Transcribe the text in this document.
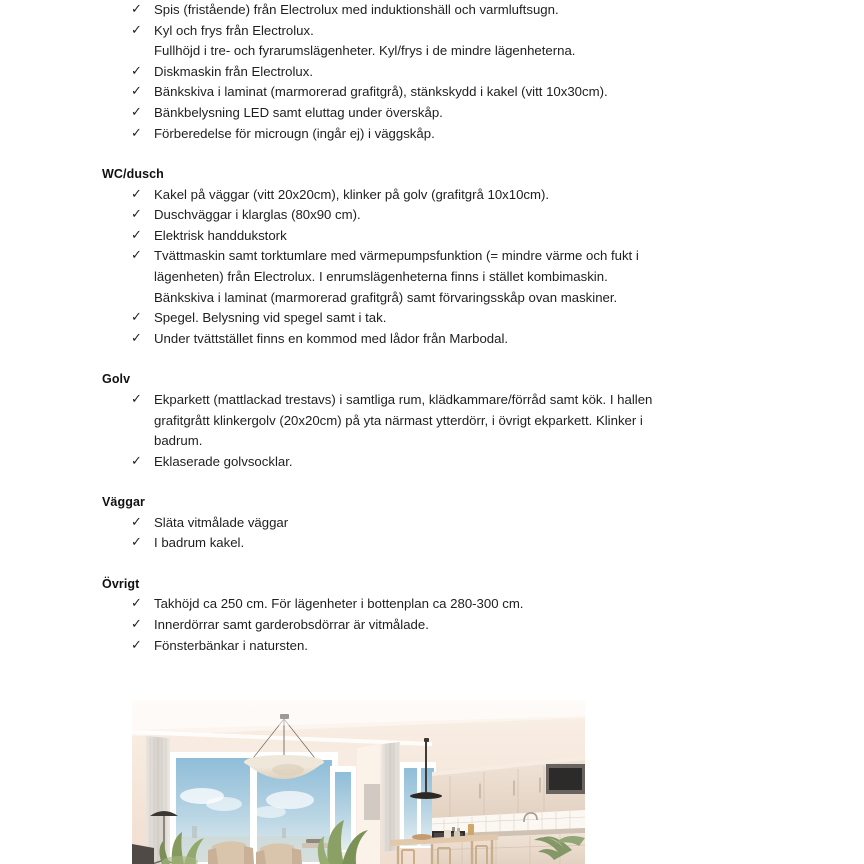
✓ Spis (fristående) från Electrolux med induktionshäll och varmluftsugn.
✓ Kyl och frys från Electrolux.
Fullhöjd i tre- och fyrarumslägenheter. Kyl/frys i de mindre lägenheterna.
✓ Diskmaskin från Electrolux.
✓ Bänkskiva i laminat (marmorerad grafitgrå), stänkskydd i kakel (vitt 10x30cm).
✓ Bänkbelysning LED samt eluttag under överskåp.
✓ Förberedelse för microugn (ingår ej) i väggskåp.
WC/dusch
✓ Kakel på väggar (vitt 20x20cm), klinker på golv (grafitgrå 10x10cm).
✓ Duschväggar i klarglas (80x90 cm).
✓ Elektrisk handdukstork
✓ Tvättmaskin samt torktumlare med värmepumpsfunktion (= mindre värme och fukt i
lägenheten) från Electrolux. I enrumslägenheterna finns i stället kombimaskin.
Bänkskiva i laminat (marmorerad grafitgrå) samt förvaringsskåp ovan maskiner.
✓ Spegel. Belysning vid spegel samt i tak.
✓ Under tvättstället finns en kommod med lådor från Marbodal.
Golv
✓ Ekparkett (mattlackad trestavs) i samtliga rum, klädkammare/förråd samt kök. I hallen
grafitgrått klinkergolv (20x20cm) på yta närmast ytterdörr, i övrigt ekparkett. Klinker i
badrum.
✓ Eklaserade golvsocklar.
Väggar
✓ Släta vitmålade väggar
✓ I badrum kakel.
Övrigt
✓ Takhöjd ca 250 cm. För lägenheter i bottenplan ca 280-300 cm.
✓ Innerdörrar samt garderobsdörrar är vitmålade.
✓ Fönsterbänkar i natursten.
